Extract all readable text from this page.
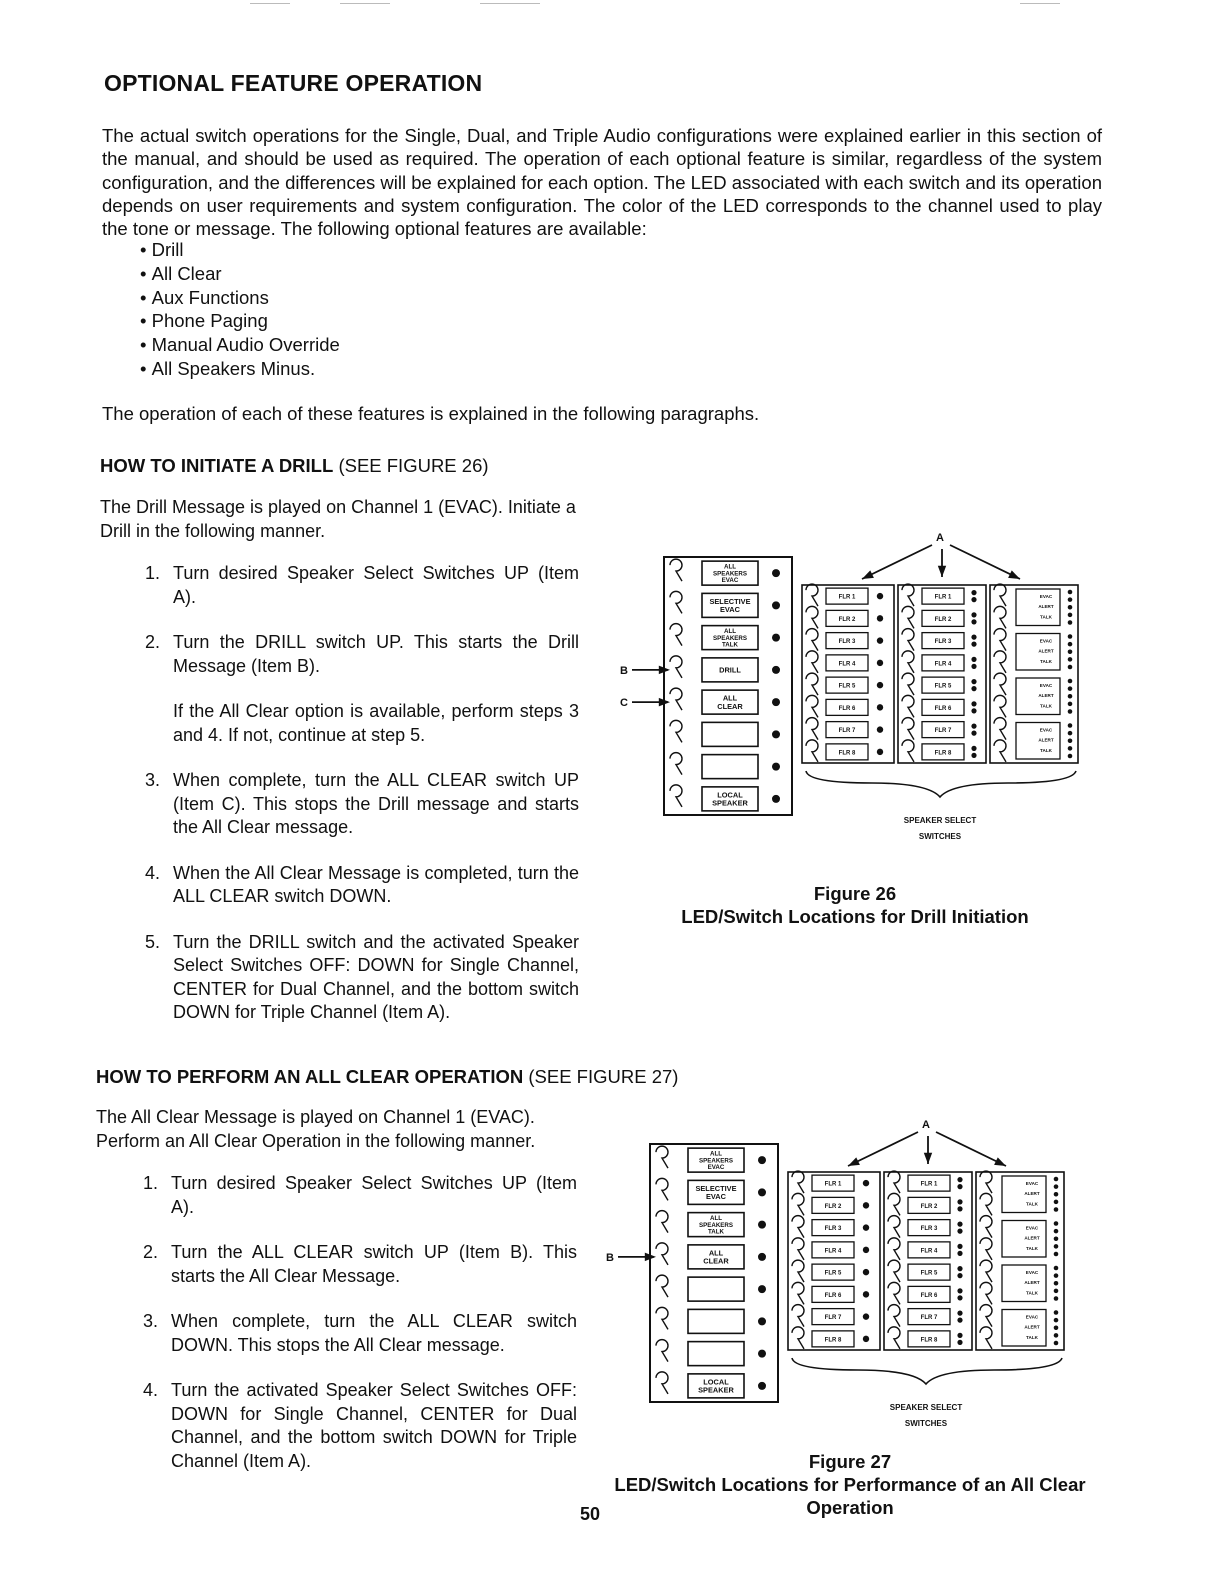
OPTIONAL FEATURE OPERATION
The actual switch operations for the Single, Dual, and Triple Audio configurations were explained earlier in this section of the manual, and should be used as required. The operation of each optional feature is similar, regardless of the system configuration, and the differences will be explained for each option. The LED associated with each switch and its operation depends on user requirements and system configuration. The color of the LED corresponds to the channel used to play the tone or message. The following optional features are available:
• Drill
• All Clear
• Aux Functions
• Phone Paging
• Manual Audio Override
• All Speakers Minus.
The operation of each of these features is explained in the following paragraphs.
HOW TO INITIATE A DRILL (SEE FIGURE 26)
The Drill Message is played on Channel 1 (EVAC). Initiate a Drill in the following manner.
1. Turn desired Speaker Select Switches UP (Item A).
2. Turn the DRILL switch UP. This starts the Drill Message (Item B).
If the All Clear option is available, perform steps 3 and 4. If not, continue at step 5.
3. When complete, turn the ALL CLEAR switch UP (Item C). This stops the Drill message and starts the All Clear message.
4. When the All Clear Message is completed, turn the ALL CLEAR switch DOWN.
5. Turn the DRILL switch and the activated Speaker Select Switches OFF: DOWN for Single Channel, CENTER for Dual Channel, and the bottom switch DOWN for Triple Channel (Item A).
ALL
SPEAKERS
EVAC
SELECTIVE
EVAC
ALL
SPEAKERS
TALK
DRILL
ALL
CLEAR
LOCAL
SPEAKER
FLR 1
FLR 2
FLR 3
FLR 4
FLR 5
FLR 6
FLR 7
FLR 8
FLR 1
FLR 2
FLR 3
FLR 4
FLR 5
FLR 6
FLR 7
FLR 8
EVAC
ALERT
TALK
EVAC
ALERT
TALK
EVAC
ALERT
TALK
EVAC
ALERT
TALK
SPEAKER SELECT
SWITCHES
A
B
C
Figure 26
LED/Switch Locations for Drill Initiation
HOW TO PERFORM AN ALL CLEAR OPERATION (SEE FIGURE 27)
The All Clear Message is played on Channel 1 (EVAC). Perform an All Clear Operation in the following manner.
1. Turn desired Speaker Select Switches UP (Item A).
2. Turn the ALL CLEAR switch UP (Item B). This starts the All Clear Message.
3. When complete, turn the ALL CLEAR switch DOWN. This stops the All Clear message.
4. Turn the activated Speaker Select Switches OFF: DOWN for Single Channel, CENTER for Dual Channel, and the bottom switch DOWN for Triple Channel (Item A).
ALL
SPEAKERS
EVAC
SELECTIVE
EVAC
ALL
SPEAKERS
TALK
ALL
CLEAR
LOCAL
SPEAKER
FLR 1
FLR 2
FLR 3
FLR 4
FLR 5
FLR 6
FLR 7
FLR 8
FLR 1
FLR 2
FLR 3
FLR 4
FLR 5
FLR 6
FLR 7
FLR 8
EVAC
ALERT
TALK
EVAC
ALERT
TALK
EVAC
ALERT
TALK
EVAC
ALERT
TALK
SPEAKER SELECT
SWITCHES
A
B
Figure 27
LED/Switch Locations for Performance of an All Clear Operation
50
